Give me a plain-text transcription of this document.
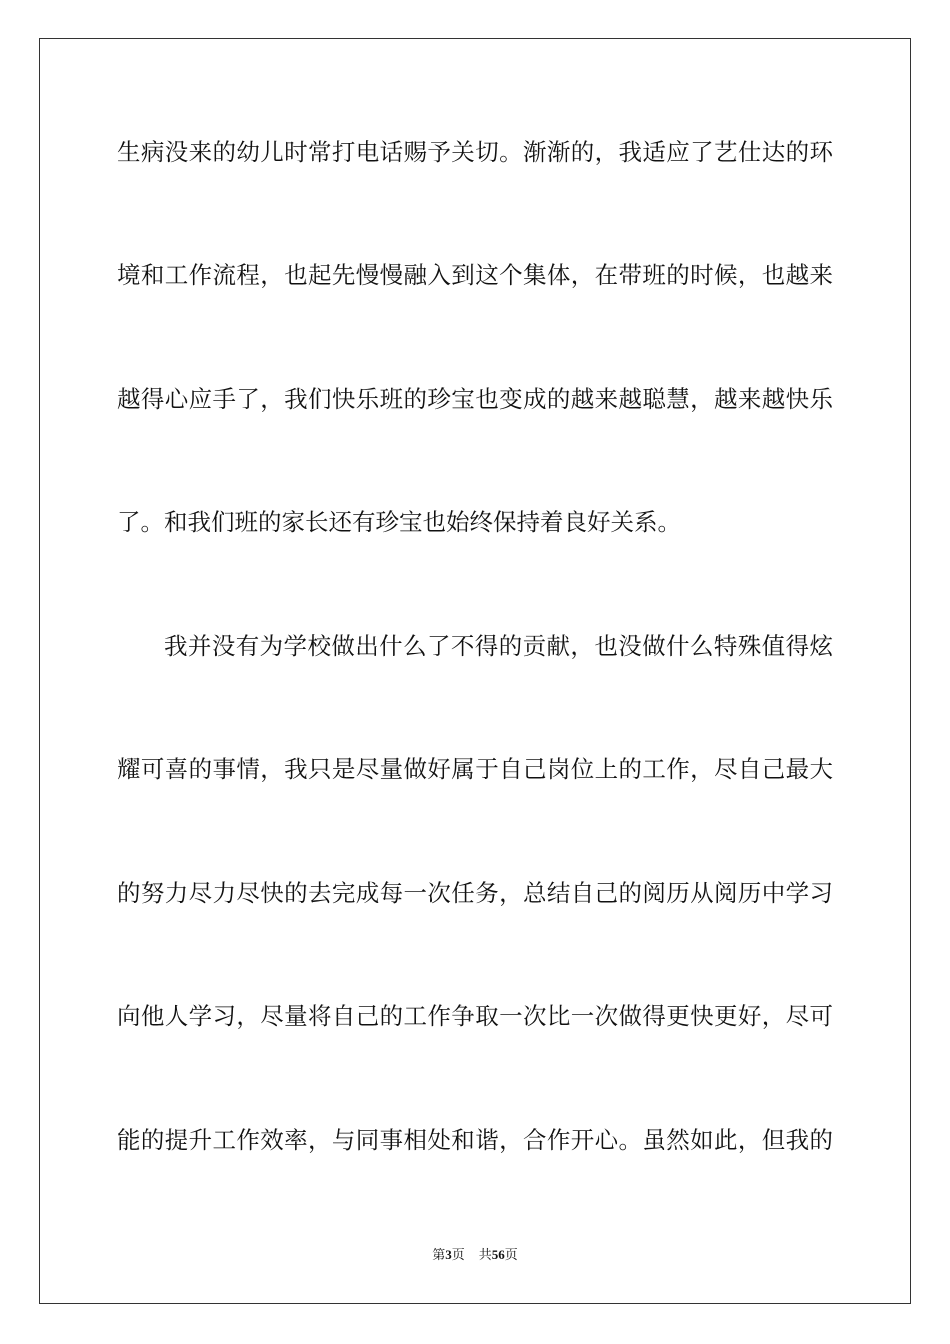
生病没来的幼儿时常打电话赐予关切。渐渐的，我适应了艺仕达的环
境和工作流程，也起先慢慢融入到这个集体，在带班的时候，也越来
越得心应手了，我们快乐班的珍宝也变成的越来越聪慧，越来越快乐
了。和我们班的家长还有珍宝也始终保持着良好关系。
我并没有为学校做出什么了不得的贡献，也没做什么特殊值得炫
耀可喜的事情，我只是尽量做好属于自己岗位上的工作，尽自己最大
的努力尽力尽快的去完成每一次任务，总结自己的阅历从阅历中学习
向他人学习，尽量将自己的工作争取一次比一次做得更快更好，尽可
能的提升工作效率，与同事相处和谐，合作开心。虽然如此，但我的
第3页 共56页
